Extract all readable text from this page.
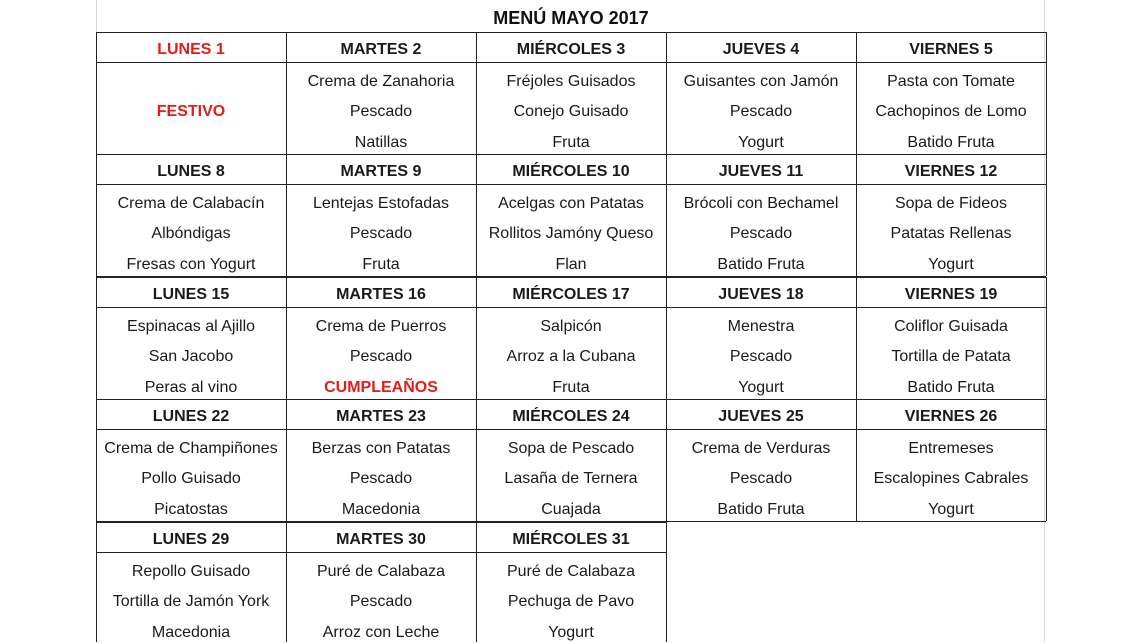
MENÚ MAYO 2017
LUNES 1
FESTIVO
MARTES 2
Crema de Zanahoria
Pescado
Natillas
MIÉRCOLES 3
Fréjoles Guisados
Conejo Guisado
Fruta
JUEVES 4
Guisantes con Jamón
Pescado
Yogurt
VIERNES 5
Pasta con Tomate
Cachopinos de Lomo
Batido Fruta
LUNES 8
Crema de Calabacín
Albóndigas
Fresas con Yogurt
MARTES 9
Lentejas Estofadas
Pescado
Fruta
MIÉRCOLES 10
Acelgas con Patatas
Rollitos Jamóny Queso
Flan
JUEVES 11
Brócoli con Bechamel
Pescado
Batido Fruta
VIERNES 12
Sopa de Fideos
Patatas Rellenas
Yogurt
LUNES 15
Espinacas al Ajillo
San Jacobo
Peras al vino
MARTES 16
Crema de Puerros
Pescado
CUMPLEAÑOS
MIÉRCOLES 17
Salpicón
Arroz a la Cubana
Fruta
JUEVES 18
Menestra
Pescado
Yogurt
VIERNES 19
Coliflor Guisada
Tortilla de Patata
Batido Fruta
LUNES 22
Crema de Champiñones
Pollo Guisado
Picatostas
MARTES 23
Berzas con Patatas
Pescado
Macedonia
MIÉRCOLES 24
Sopa de Pescado
Lasaña de Ternera
Cuajada
JUEVES 25
Crema de Verduras
Pescado
Batido Fruta
VIERNES 26
Entremeses
Escalopines Cabrales
Yogurt
LUNES 29
Repollo Guisado
Tortilla de Jamón York
Macedonia
MARTES 30
Puré de Calabaza
Pescado
Arroz con Leche
MIÉRCOLES 31
Puré de Calabaza
Pechuga de Pavo
Yogurt
